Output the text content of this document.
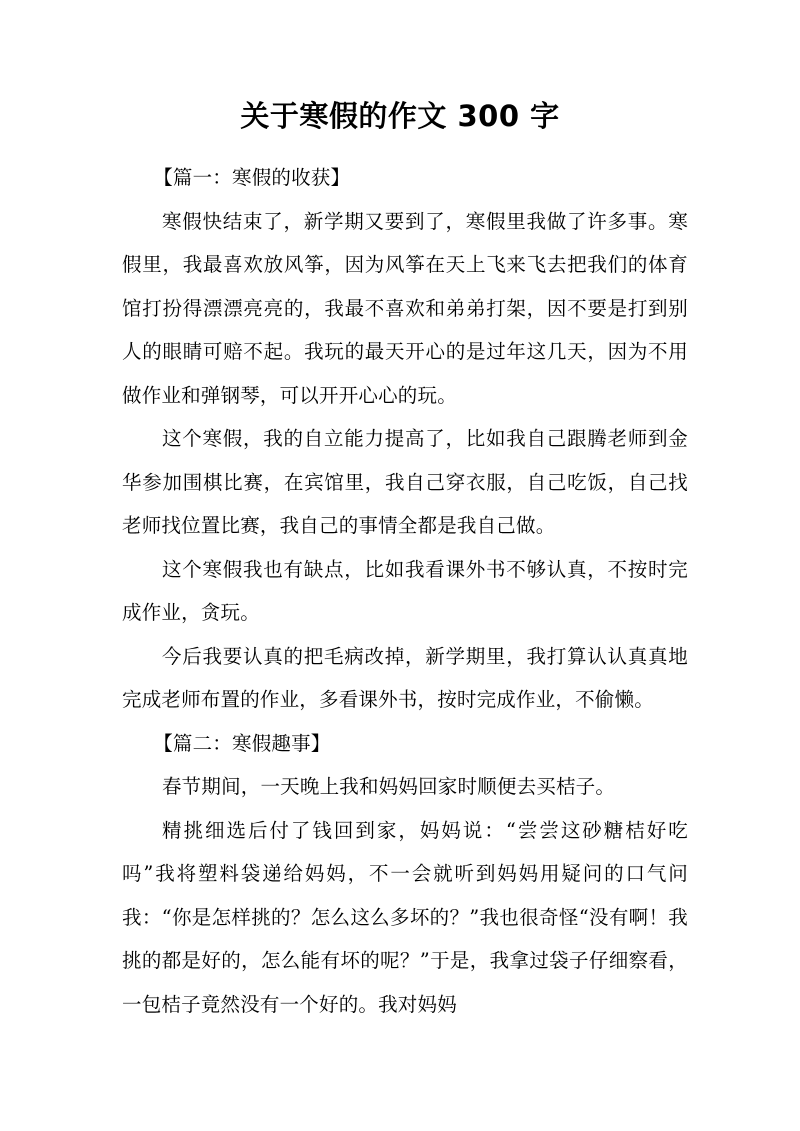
关于寒假的作文 300 字

【篇一：寒假的收获】

寒假快结束了，新学期又要到了，寒假里我做了许多事。寒假里，我最喜欢放风筝，因为风筝在天上飞来飞去把我们的体育馆打扮得漂漂亮亮的，我最不喜欢和弟弟打架，因不要是打到别人的眼睛可赔不起。我玩的最天开心的是过年这几天，因为不用做作业和弹钢琴，可以开开心心的玩。

这个寒假，我的自立能力提高了，比如我自己跟腾老师到金华参加围棋比赛，在宾馆里，我自己穿衣服，自己吃饭，自己找老师找位置比赛，我自己的事情全都是我自己做。

这个寒假我也有缺点，比如我看课外书不够认真，不按时完成作业，贪玩。

今后我要认真的把毛病改掉，新学期里，我打算认认真真地完成老师布置的作业，多看课外书，按时完成作业，不偷懒。

【篇二：寒假趣事】

春节期间，一天晚上我和妈妈回家时顺便去买桔子。

精挑细选后付了钱回到家，妈妈说：“尝尝这砂糖桔好吃吗”我将塑料袋递给妈妈，不一会就听到妈妈用疑问的口气问我：“你是怎样挑的？怎么这么多坏的？”我也很奇怪“没有啊！我挑的都是好的，怎么能有坏的呢？”于是，我拿过袋子仔细察看，一包桔子竟然没有一个好的。我对妈妈
